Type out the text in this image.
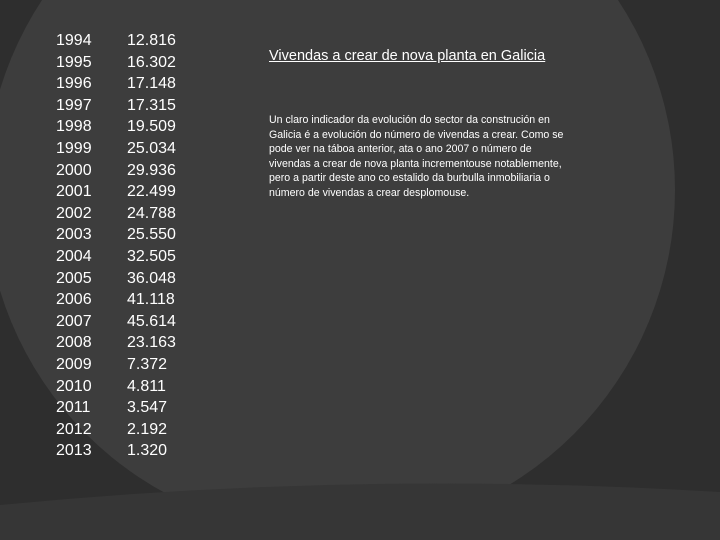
1994	12.816
1995	16.302
1996	17.148
1997	17.315
1998	19.509
1999	25.034
2000	29.936
2001	22.499
2002	24.788
2003	25.550
2004	32.505
2005	36.048
2006	41.118
2007	45.614
2008	23.163
2009	7.372
2010	4.811
2011	3.547
2012	2.192
2013	1.320
Vivendas a crear de nova planta en Galicia

Un claro indicador da evolución do sector da construción en Galicia é a evolución do número de vivendas a crear. Como se pode ver na táboa anterior, ata o ano 2007 o número de vivendas a crear de nova planta incrementouse notablemente, pero a partir deste ano co estalido da burbulla inmobiliaria o número de vivendas a crear desplomouse.
